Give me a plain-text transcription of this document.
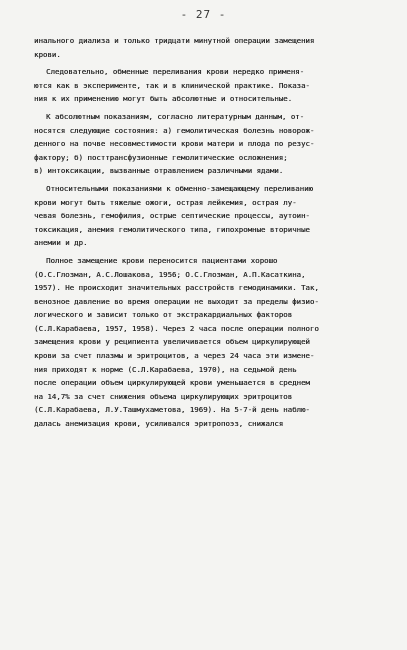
- 27 -
инального диализа и только тридцати минутной операции замещения
крови.
Следовательно, обменные переливания крови нередко применя-
ются как в эксперименте, так и в клинической практике. Показа-
ния к их применению могут быть абсолютные и относительные.
К абсолютным показаниям, согласно литературным данным, от-
носятся следующие состояния: а) гемолитическая болезнь новорож-
денного на почве несовместимости крови матери и плода по резус-
фактору; б) посттрансфузионные гемолитические осложнения;
в) интоксикации, вызванные отравлением различными ядами.
Относительными показаниями к обменно-замещающему переливанию
крови могут быть тяжелые ожоги, острая лейкемия, острая лу-
чевая болезнь, гемофилия, острые септические процессы, аутоин-
токсикация, анемия гемолитического типа, гипохромные вторичные
анемии и др.
Полное замещение крови переносится пациентами хорошо
(О.С.Глозман, А.С.Лошакова, 1956; О.С.Глозман, А.П.Касаткина,
1957). Не происходит значительных расстройств гемодинамики. Так,
венозное давление во время операции не выходит за пределы физио-
логического и зависит только от экстракардиальных факторов
(С.Л.Карабаева, 1957, 1958). Через 2 часа после операции полного
замещения крови у реципиента увеличивается объем циркулирующей
крови за счет плазмы и эритроцитов, а через 24 часа эти измене-
ния приходят к норме (С.Л.Карабаева, 1970), на седьмой день
после операции объем циркулирующей крови уменьшается в среднем
на 14,7% за счет снижения объема циркулирующих эритроцитов
(С.Л.Карабаева, Л.У.Ташмухаметова, 1969). На 5-7-й день наблю-
далась анемизация крови, усиливался эритропоэз, снижался
